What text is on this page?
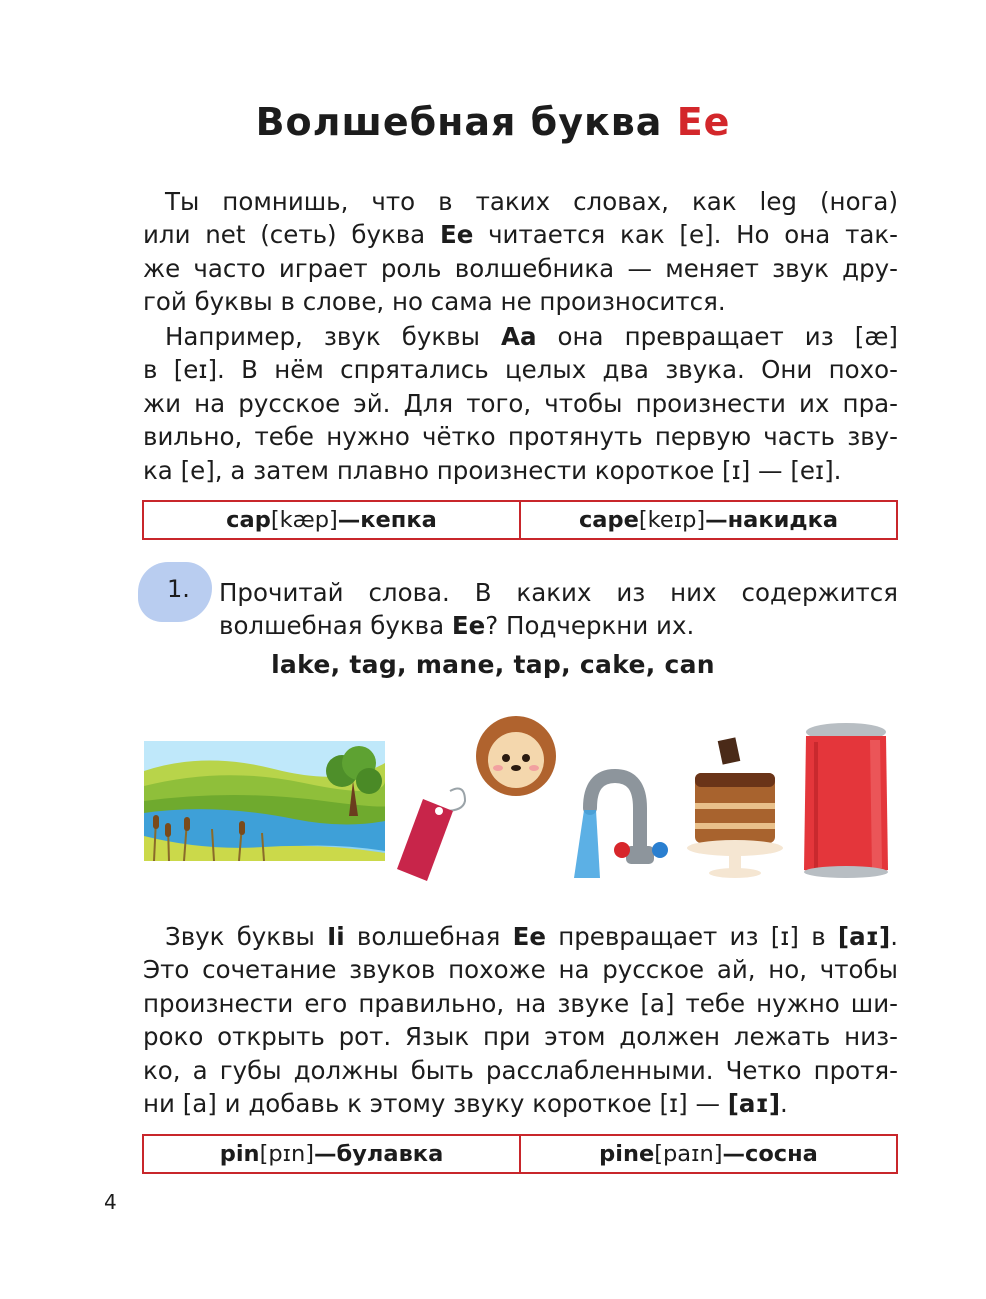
Волшебная буква Ee
Ты помнишь, что в таких словах, как leg (нога)
или net (сеть) буква Ee читается как [e]. Но она так-
же часто играет роль волшебника — меняет звук дру-
гой буквы в слове, но сама не произносится.
Например, звук буквы Aa она превращает из [æ]
в [eɪ]. В нём спрятались целых два звука. Они похо-
жи на русское эй. Для того, чтобы произнести их пра-
вильно, тебе нужно чётко протянуть первую часть зву-
ка [e], а затем плавно произнести короткое [ɪ] — [eɪ].
cap [kæp] — кепка	cape [keɪp] — накидка
1. Прочитай слова. В каких из них содержится
волшебная буква Ee? Подчеркни их.
lake, tag, mane, tap, cake, can
Звук буквы Ii волшебная Ee превращает из [ɪ] в [aɪ].
Это сочетание звуков похоже на русское ай, но, чтобы
произнести его правильно, на звуке [a] тебе нужно ши-
роко открыть рот. Язык при этом должен лежать низ-
ко, а губы должны быть расслабленными. Четко протя-
ни [a] и добавь к этому звуку короткое [ɪ] — [aɪ].
pin [pɪn] — булавка	pine [paɪn] — сосна
4
